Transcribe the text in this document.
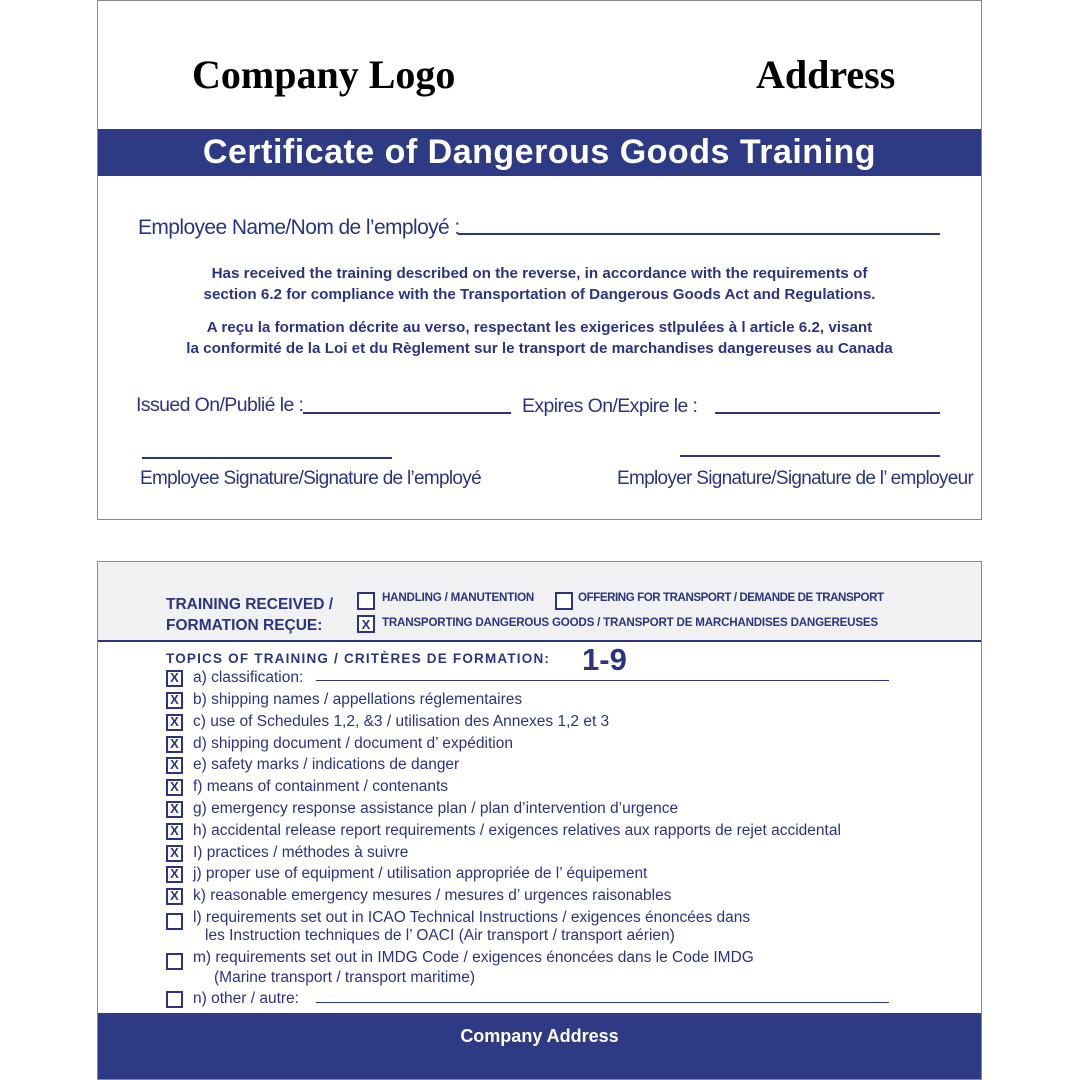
Company Logo	Address
Certificate of Dangerous Goods Training
Employee Name/Nom de l’employé :
Has received the training described on the reverse, in accordance with the requirements of
section 6.2 for compliance with the Transportation of Dangerous Goods Act and Regulations.
A reçu la formation décrite au verso, respectant les exigerices stlpulées à l article 6.2, visant
la conformité de la Loi et du Règlement sur le transport de marchandises dangereuses au Canada
Issued On/Publié le :	Expires On/Expire le :
Employee Signature/Signature de l’employé	Employer Signature/Signature de l’ employeur
TRAINING RECEIVED /
FORMATION REÇUE:
HANDLING / MANUTENTION	OFFERING FOR TRANSPORT / DEMANDE DE TRANSPORT
X	TRANSPORTING DANGEROUS GOODS / TRANSPORT DE MARCHANDISES DANGEREUSES
TOPICS OF TRAINING / CRITÈRES DE FORMATION: 1-9
X a) classification:
X b) shipping names / appellations réglementaires
X c) use of Schedules 1,2, &3 / utilisation des Annexes 1,2 et 3
X d) shipping document / document d’ expédition
X e) safety marks / indications de danger
X f) means of containment / contenants
X g) emergency response assistance plan / plan d’intervention d’urgence
X h) accidental release report requirements / exigences relatives aux rapports de rejet accidental
X I) practices / méthodes à suivre
X j) proper use of equipment / utilisation appropriée de l’ équipement
X k) reasonable emergency mesures / mesures d’ urgences raisonables
l) requirements set out in ICAO Technical Instructions / exigences énoncées dans
les Instruction techniques de l’ OACI (Air transport / transport aérien)
m) requirements set out in IMDG Code / exigences énoncées dans le Code IMDG
(Marine transport / transport maritime)
n) other / autre:
Company Address
